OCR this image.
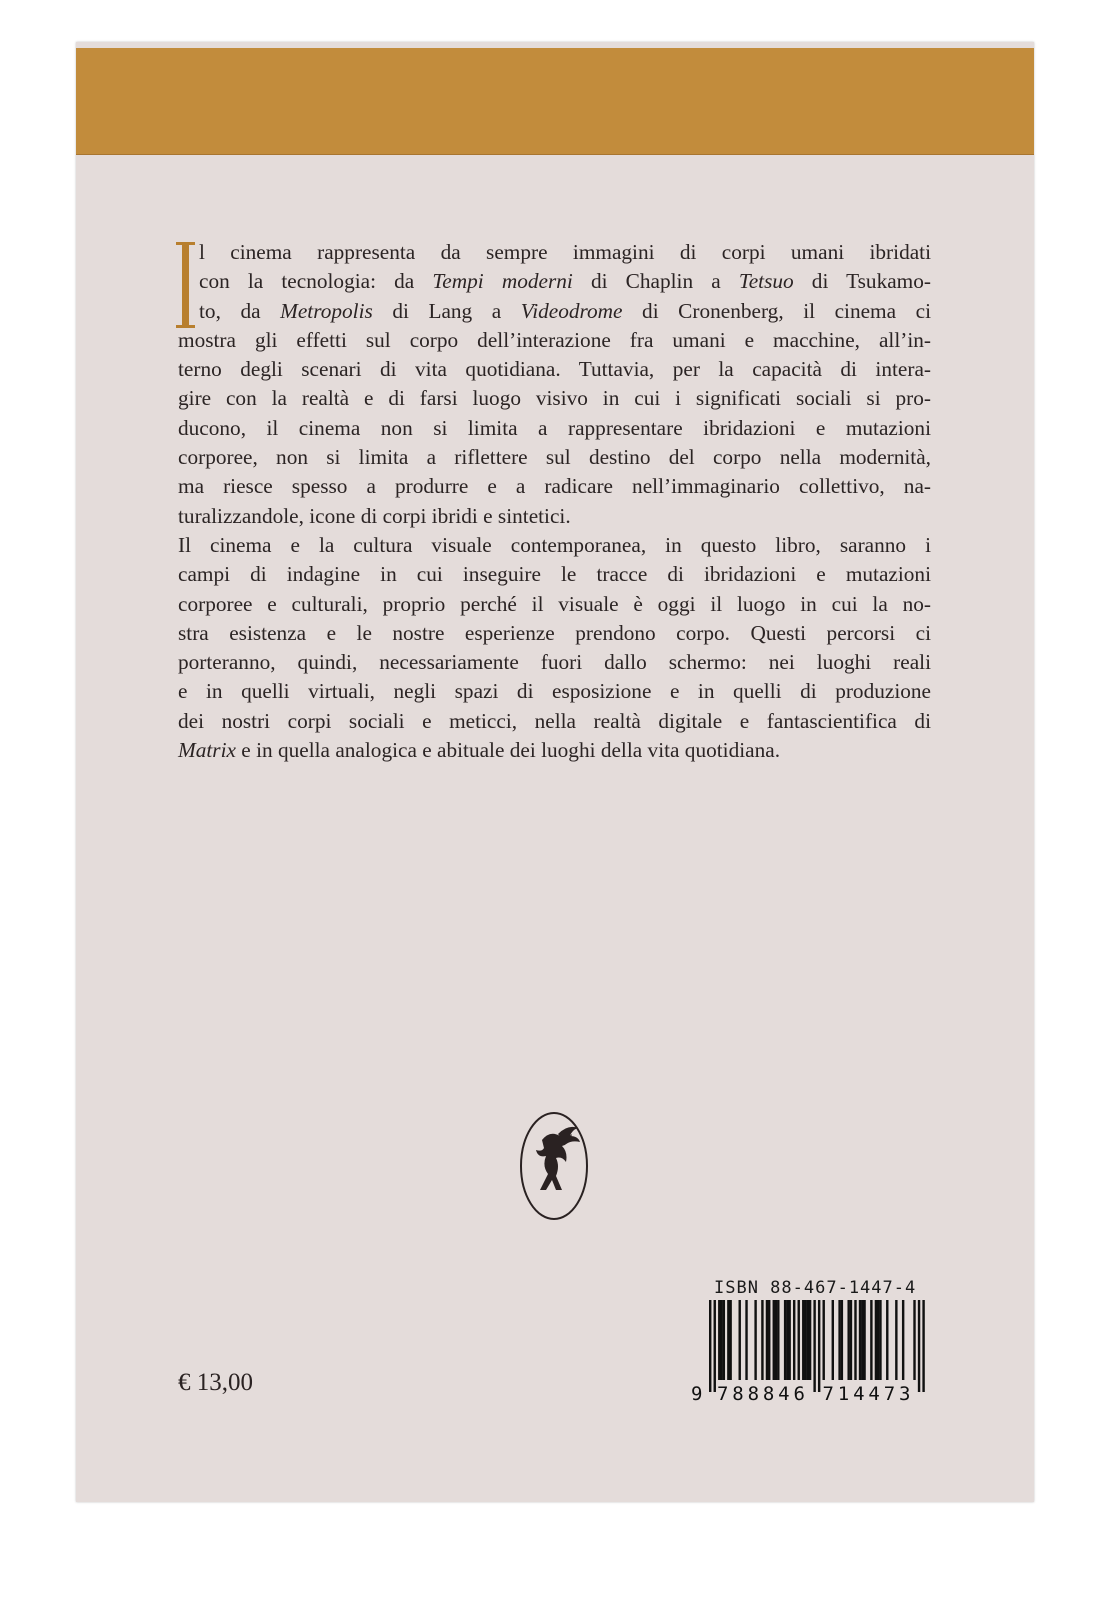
l cinema rappresenta da sempre immagini di corpi umani ibridati
con la tecnologia: da Tempi moderni di Chaplin a Tetsuo di Tsukamo-
to, da Metropolis di Lang a Videodrome di Cronenberg, il cinema ci
mostra gli effetti sul corpo dell’interazione fra umani e macchine, all’in-
terno degli scenari di vita quotidiana. Tuttavia, per la capacità di intera-
gire con la realtà e di farsi luogo visivo in cui i significati sociali si pro-
ducono, il cinema non si limita a rappresentare ibridazioni e mutazioni
corporee, non si limita a riflettere sul destino del corpo nella modernità,
ma riesce spesso a produrre e a radicare nell’immaginario collettivo, na-
turalizzandole, icone di corpi ibridi e sintetici.
Il cinema e la cultura visuale contemporanea, in questo libro, saranno i
campi di indagine in cui inseguire le tracce di ibridazioni e mutazioni
corporee e culturali, proprio perché il visuale è oggi il luogo in cui la no-
stra esistenza e le nostre esperienze prendono corpo. Questi percorsi ci
porteranno, quindi, necessariamente fuori dallo schermo: nei luoghi reali
e in quelli virtuali, negli spazi di esposizione e in quelli di produzione
dei nostri corpi sociali e meticci, nella realtà digitale e fantascientifica di
Matrix e in quella analogica e abituale dei luoghi della vita quotidiana.
€ 13,00
ISBN 88-467-1447-4
9 788846 714473
